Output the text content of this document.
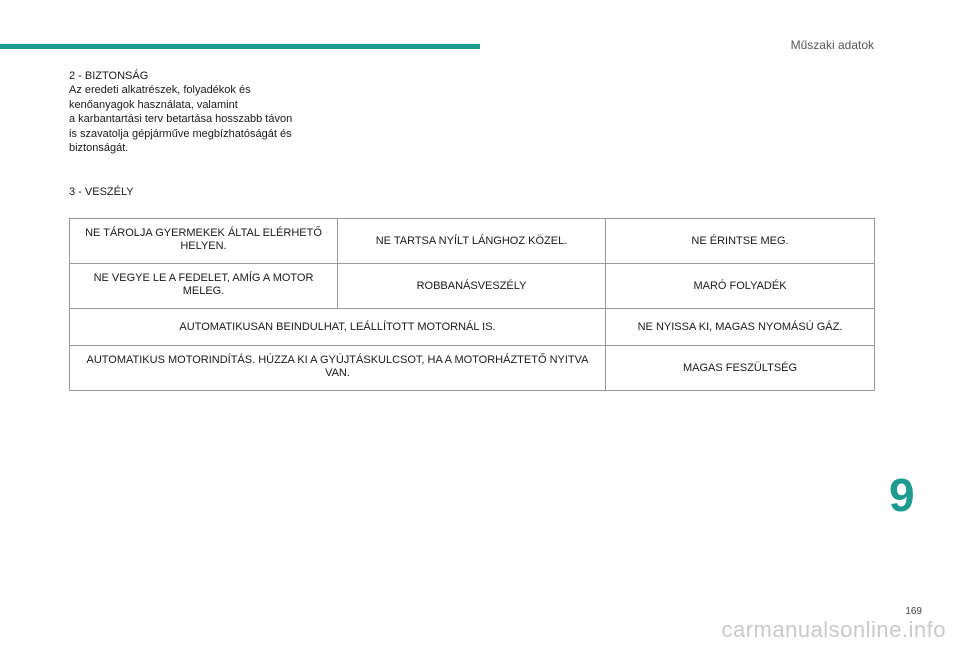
Műszaki adatok

2 - BIZTONSÁG

Az eredeti alkatrészek, folyadékok és

kenőanyagok használata, valamint

a karbantartási terv betartása hosszabb távon

is szavatolja gépjárműve megbízhatóságát és

biztonságát.

3 - VESZÉLY
NE TÁROLJA GYERMEKEK ÁLTAL ELÉRHETŐ HELYEN.	NE TARTSA NYÍLT LÁNGHOZ KÖZEL.	NE ÉRINTSE MEG.
NE VEGYE LE A FEDELET, AMÍG A MOTOR MELEG.	ROBBANÁSVESZÉLY	MARÓ FOLYADÉK
AUTOMATIKUSAN BEINDULHAT, LEÁLLÍTOTT MOTORNÁL IS.		NE NYISSA KI, MAGAS NYOMÁSÚ GÁZ.
AUTOMATIKUS MOTORINDÍTÁS. HÚZZA KI A GYÚJTÁSKULCSOT, HA A MOTORHÁZTETŐ NYITVA VAN.		MAGAS FESZÜLTSÉG
9
169
carmanualsonline.info
